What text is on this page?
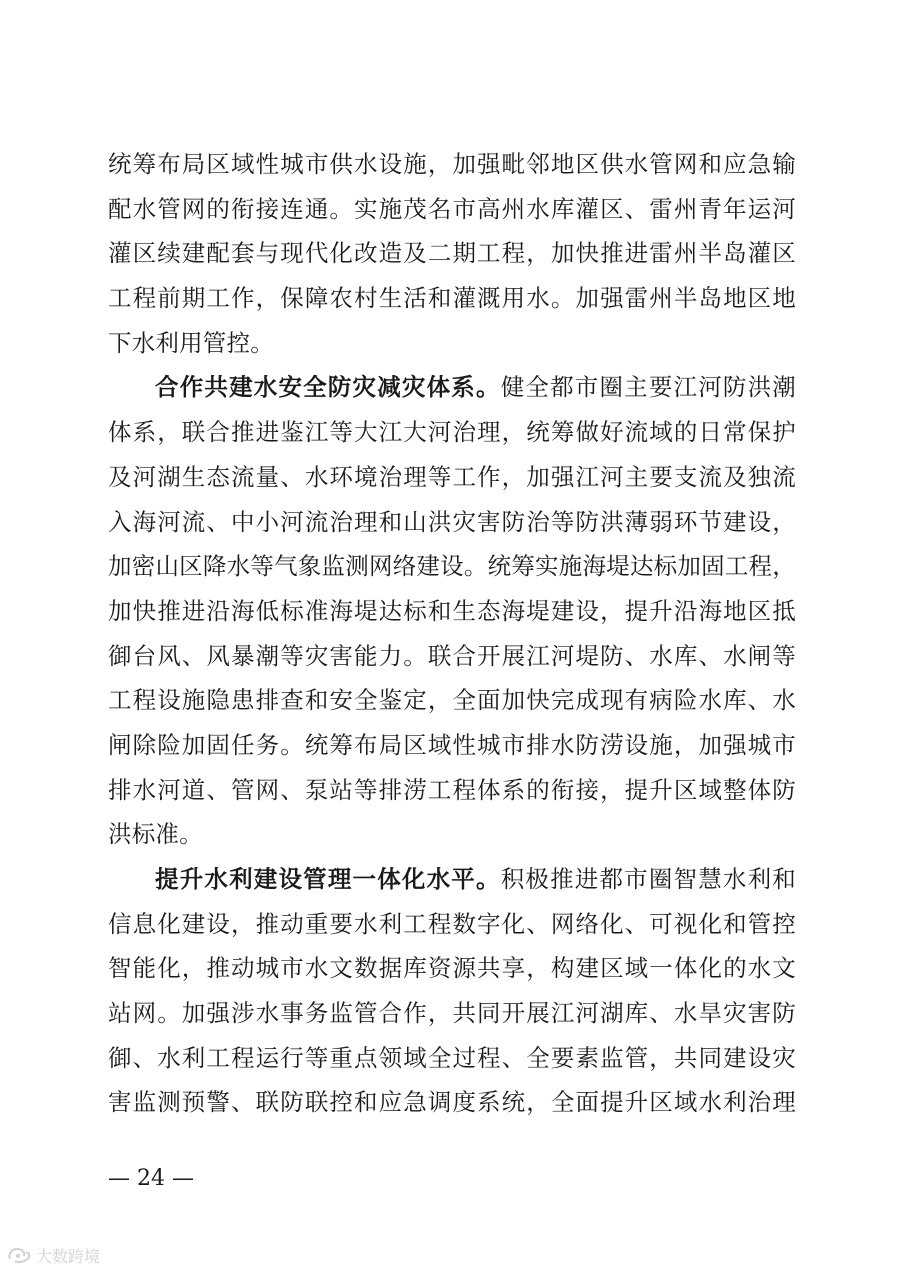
统筹布局区域性城市供水设施，加强毗邻地区供水管网和应急输
配水管网的衔接连通。实施茂名市高州水库灌区、雷州青年运河
灌区续建配套与现代化改造及二期工程，加快推进雷州半岛灌区
工程前期工作，保障农村生活和灌溉用水。加强雷州半岛地区地
下水利用管控。
合作共建水安全防灾减灾体系。健全都市圈主要江河防洪潮
体系，联合推进鉴江等大江大河治理，统筹做好流域的日常保护
及河湖生态流量、水环境治理等工作，加强江河主要支流及独流
入海河流、中小河流治理和山洪灾害防治等防洪薄弱环节建设，
加密山区降水等气象监测网络建设。统筹实施海堤达标加固工程，
加快推进沿海低标准海堤达标和生态海堤建设，提升沿海地区抵
御台风、风暴潮等灾害能力。联合开展江河堤防、水库、水闸等
工程设施隐患排查和安全鉴定，全面加快完成现有病险水库、水
闸除险加固任务。统筹布局区域性城市排水防涝设施，加强城市
排水河道、管网、泵站等排涝工程体系的衔接，提升区域整体防
洪标准。
提升水利建设管理一体化水平。积极推进都市圈智慧水利和
信息化建设，推动重要水利工程数字化、网络化、可视化和管控
智能化，推动城市水文数据库资源共享，构建区域一体化的水文
站网。加强涉水事务监管合作，共同开展江河湖库、水旱灾害防
御、水利工程运行等重点领域全过程、全要素监管，共同建设灾
害监测预警、联防联控和应急调度系统，全面提升区域水利治理
— 24 —
大数跨境
